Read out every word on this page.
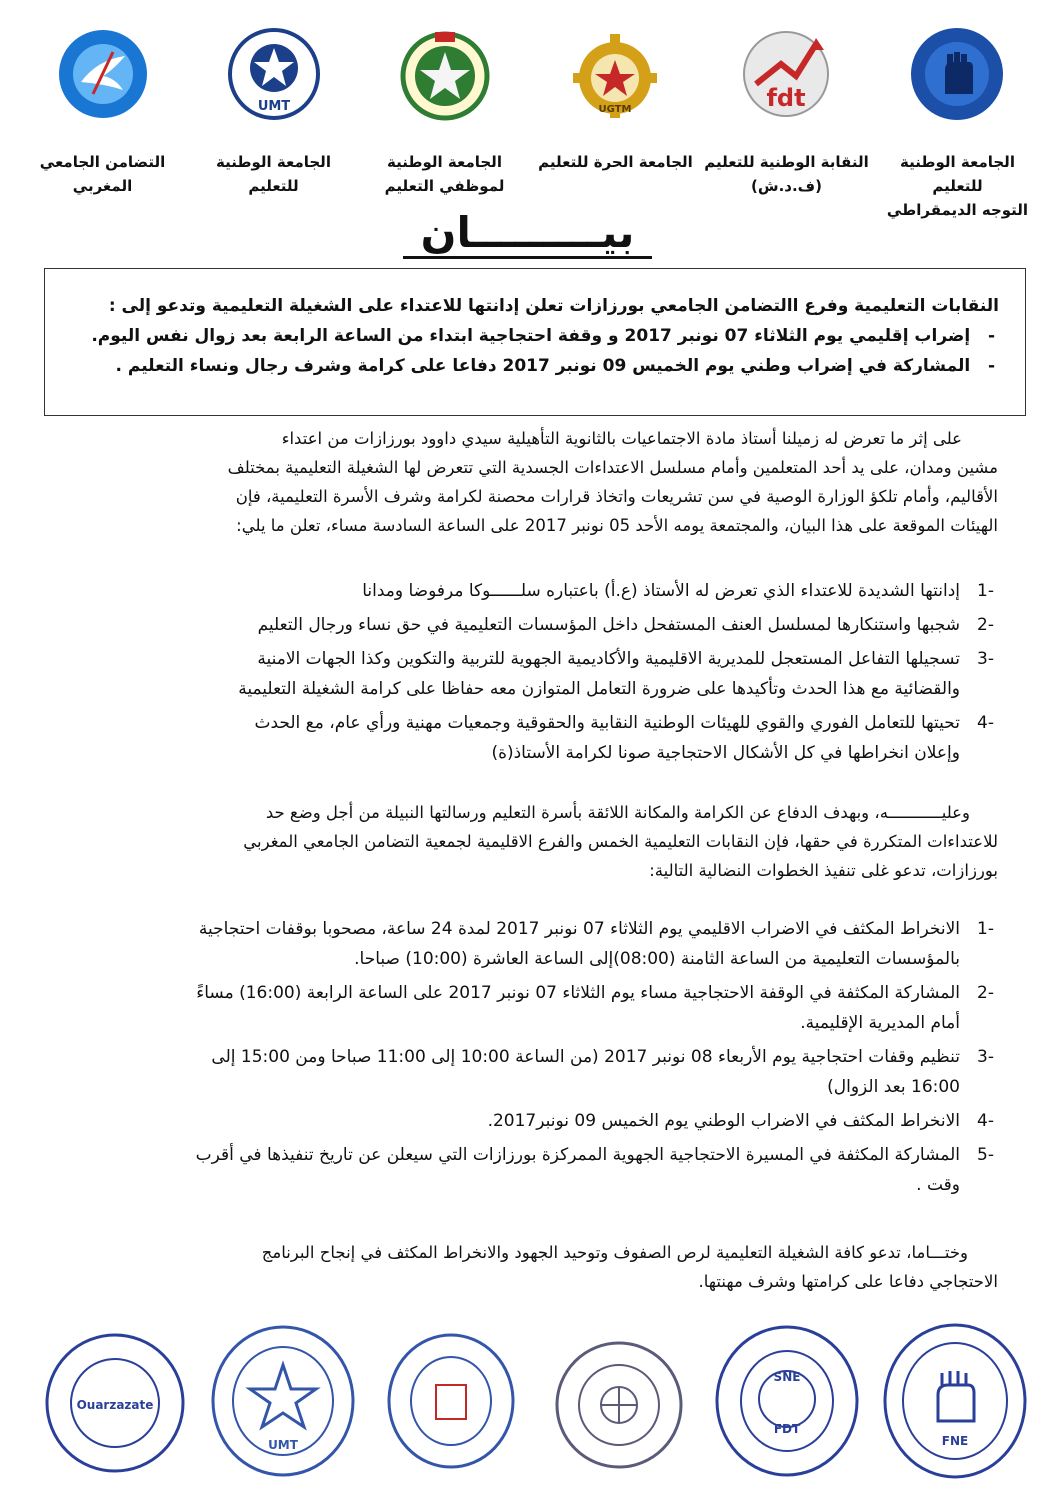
fdt
UGTM
UMT
الجامعة الوطنية للتعليم
التوجه الديمقراطي
النقابة الوطنية للتعليم
(ف.د.ش)
الجامعة الحرة للتعليم
الجامعة الوطنية
لموظفي التعليم
الجامعة الوطنية للتعليم
التضامن الجامعي
المغربي
بيـــــــــان

النقابات التعليمية وفرع االتضامن الجامعي بورزازات تعلن إدانتها للاعتداء على الشغيلة التعليمية وتدعو إلى :

-   إضراب إقليمي يوم الثلاثاء 07 نونبر 2017 و وقفة احتجاجية ابتداء من الساعة الرابعة بعد زوال نفس اليوم.

-   المشاركة في إضراب وطني يوم الخميس 09 نونبر 2017 دفاعا على كرامة وشرف رجال ونساء التعليم .

على إثر ما تعرض له زميلنا أستاذ مادة الاجتماعيات بالثانوية التأهيلية سيدي داوود بورزازات من اعتداء

مشين ومدان، على يد أحد المتعلمين وأمام مسلسل الاعتداءات الجسدية التي تتعرض لها الشغيلة التعليمية بمختلف

الأقاليم، وأمام تلكؤ الوزارة الوصية في سن تشريعات واتخاذ قرارات محصنة لكرامة وشرف الأسرة التعليمية، فإن

الهيئات الموقعة على هذا البيان، والمجتمعة يومه الأحد 05 نونبر 2017 على الساعة السادسة مساء، تعلن ما يلي:

-1
إدانتها الشديدة للاعتداء الذي تعرض له الأستاذ (ع.أ) باعتباره سلــــــوكا مرفوضا ومدانا
-2
شجبها واستنكارها لمسلسل العنف المستفحل داخل المؤسسات التعليمية في حق نساء ورجال التعليم
-3
تسجيلها التفاعل المستعجل للمديرية الاقليمية والأكاديمية الجهوية للتربية والتكوين وكذا الجهات الامنية
والقضائية مع هذا الحدث وتأكيدها على ضرورة التعامل المتوازن معه حفاظا على كرامة الشغيلة التعليمية
-4
تحيتها للتعامل الفوري والقوي للهيئات الوطنية النقابية والحقوقية وجمعيات مهنية ورأي عام، مع الحدث
وإعلان انخراطها في كل الأشكال الاحتجاجية صونا لكرامة الأستاذ(ة)

وعليـــــــــــه، وبهدف الدفاع عن الكرامة والمكانة اللائقة بأسرة التعليم ورسالتها النبيلة من أجل وضع حد

للاعتداءات المتكررة في حقها، فإن النقابات التعليمية الخمس والفرع الاقليمية لجمعية التضامن الجامعي المغربي

بورزازات، تدعو غلى تنفيذ الخطوات النضالية التالية:

-1
الانخراط المكثف في الاضراب الاقليمي يوم الثلاثاء 07 نونبر 2017 لمدة 24 ساعة، مصحوبا بوقفات احتجاجية
بالمؤسسات التعليمية من الساعة الثامنة (08:00)إلى الساعة العاشرة (10:00) صباحا.
-2
المشاركة المكثفة في الوقفة الاحتجاجية مساء يوم الثلاثاء 07 نونبر 2017 على الساعة الرابعة (16:00) مساءً
أمام المديرية الإقليمية.
-3
تنظيم وقفات احتجاجية يوم الأربعاء 08 نونبر 2017 (من الساعة 10:00 إلى 11:00 صباحا ومن 15:00 إلى
16:00 بعد الزوال)
-4
الانخراط المكثف في الاضراب الوطني يوم الخميس 09 نونبر2017.
-5
المشاركة المكثفة في المسيرة الاحتجاجية الجهوية الممركزة بورزازات التي سيعلن عن تاريخ تنفيذها في أقرب
وقت .

وختـــاما، تدعو كافة الشغيلة التعليمية لرص الصفوف وتوحيد الجهود والانخراط المكثف في إنجاح البرنامج

الاحتجاجي دفاعا على كرامتها وشرف مهنتها.

FNE
SNE
FDT
UMT
Ouarzazate
